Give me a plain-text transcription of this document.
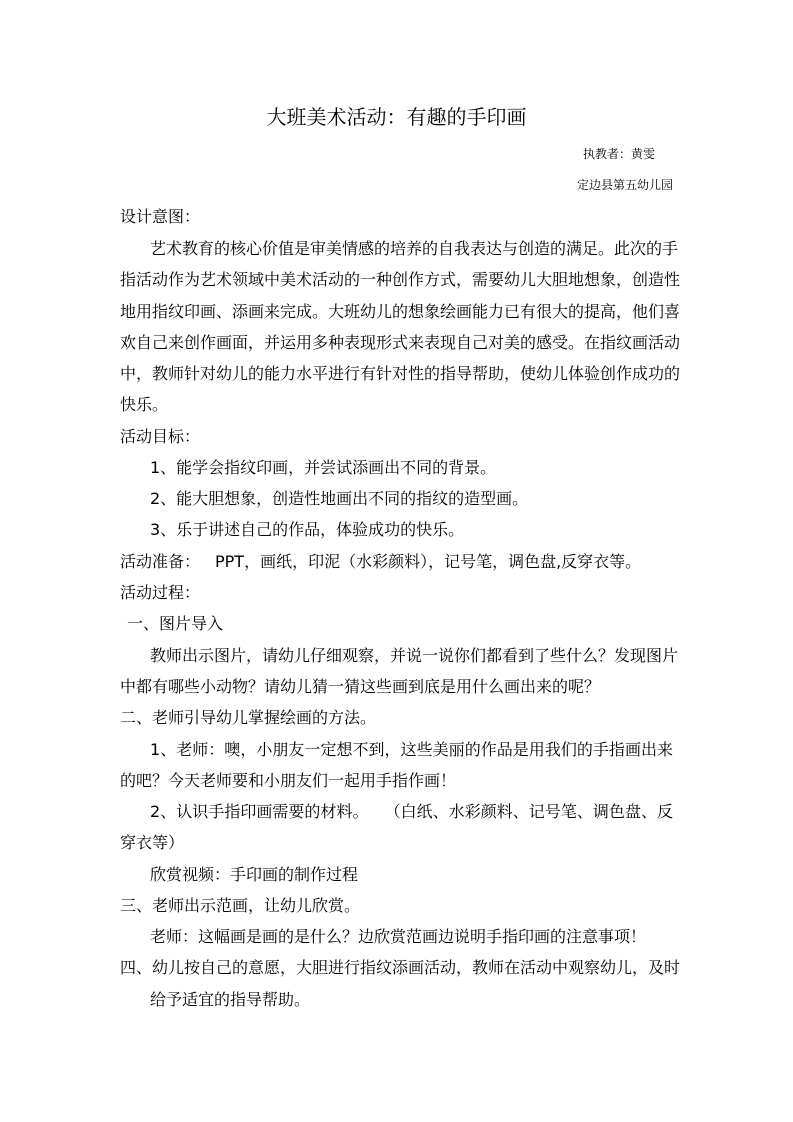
大班美术活动：有趣的手印画
执教者：黄雯
定边县第五幼儿园
设计意图：
艺术教育的核心价值是审美情感的培养的自我表达与创造的满足。此次的手
指活动作为艺术领域中美术活动的一种创作方式，需要幼儿大胆地想象，创造性
地用指纹印画、添画来完成。大班幼儿的想象绘画能力已有很大的提高，他们喜
欢自己来创作画面，并运用多种表现形式来表现自己对美的感受。在指纹画活动
中，教师针对幼儿的能力水平进行有针对性的指导帮助，使幼儿体验创作成功的
快乐。
活动目标：
1、能学会指纹印画，并尝试添画出不同的背景。
2、能大胆想象，创造性地画出不同的指纹的造型画。
3、乐于讲述自己的作品，体验成功的快乐。
活动准备： PPT，画纸，印泥（水彩颜料），记号笔，调色盘,反穿衣等。
活动过程：
一、图片导入
教师出示图片，请幼儿仔细观察，并说一说你们都看到了些什么？发现图片
中都有哪些小动物？请幼儿猜一猜这些画到底是用什么画出来的呢？
二、老师引导幼儿掌握绘画的方法。
1、老师：噢，小朋友一定想不到，这些美丽的作品是用我们的手指画出来
的吧？今天老师要和小朋友们一起用手指作画！
2、认识手指印画需要的材料。　　（白纸、水彩颜料、记号笔、调色盘、反
穿衣等）
欣赏视频：手印画的制作过程
三、老师出示范画，让幼儿欣赏。
老师：这幅画是画的是什么？边欣赏范画边说明手指印画的注意事项！
四、幼儿按自己的意愿，大胆进行指纹添画活动，教师在活动中观察幼儿，及时
给予适宜的指导帮助。
